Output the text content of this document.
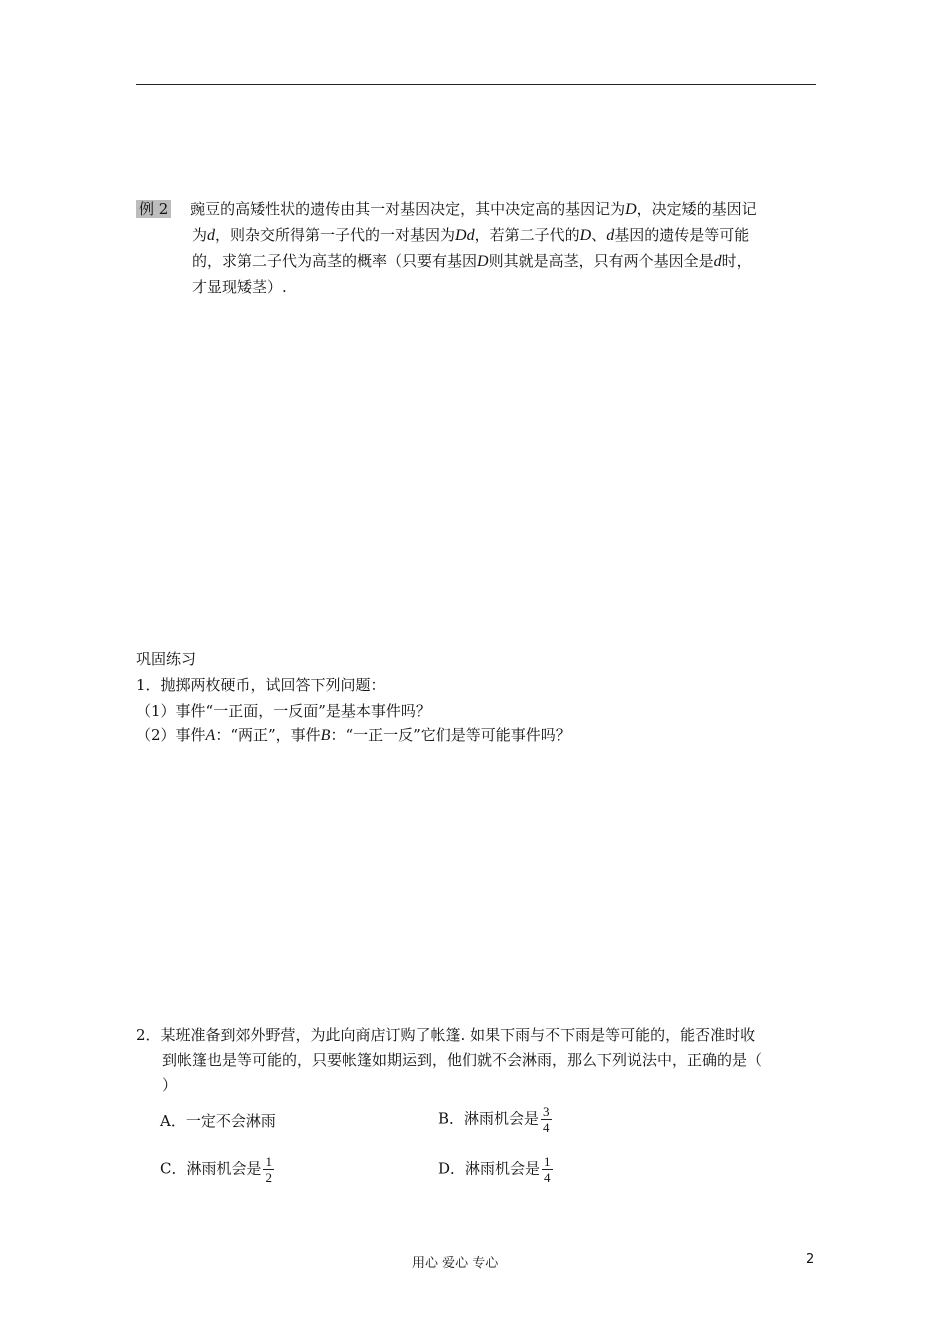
例 2 豌豆的高矮性状的遗传由其一对基因决定，其中决定高的基因记为D，决定矮的基因记
为d，则杂交所得第一子代的一对基因为Dd，若第二子代的D、d基因的遗传是等可能
的，求第二子代为高茎的概率（只要有基因D则其就是高茎，只有两个基因全是d时，
才显现矮茎）.
巩固练习
1．抛掷两枚硬币，试回答下列问题：
（1）事件“一正面，一反面”是基本事件吗？
（2）事件A：“两正”，事件B：“一正一反”它们是等可能事件吗？
2．某班准备到郊外野营，为此向商店订购了帐篷. 如果下雨与不下雨是等可能的，能否准时收
到帐篷也是等可能的，只要帐篷如期运到，他们就不会淋雨，那么下列说法中，正确的是（
）
A．一定不会淋雨	B．淋雨机会是 $\frac{3}{4}$
C．淋雨机会是 $\frac{1}{2}$	D．淋雨机会是 $\frac{1}{4}$
用心 爱心 专心	2
